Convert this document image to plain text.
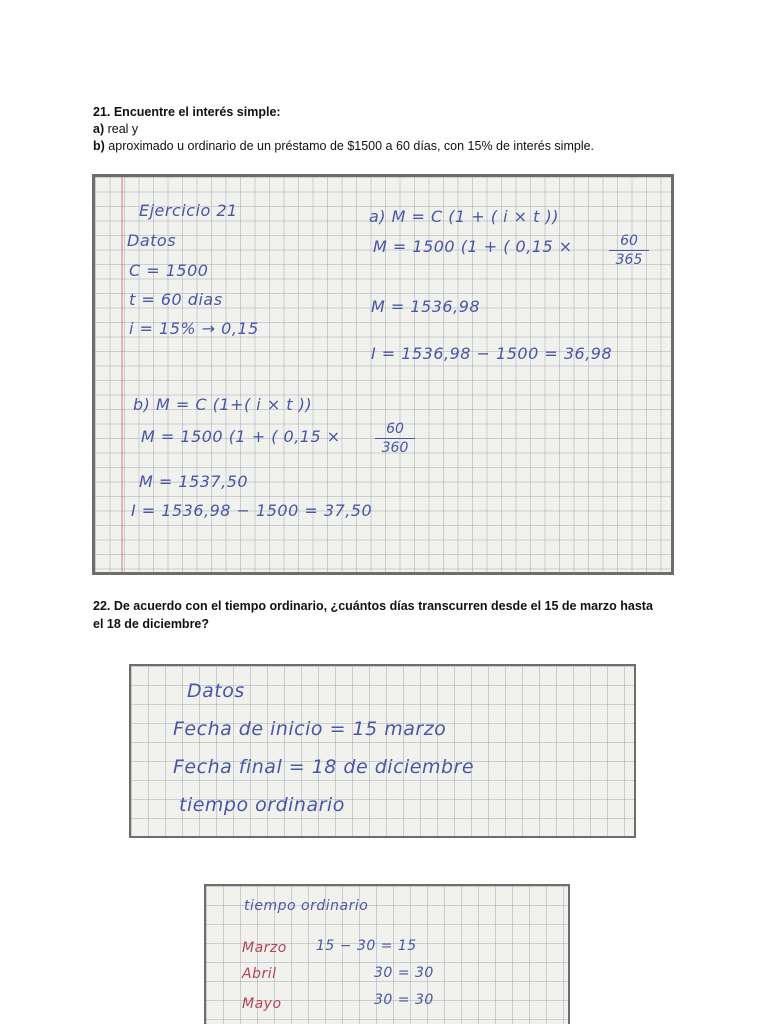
21. Encuentre el interés simple:
a) real y
b) aproximado u ordinario de un préstamo de $1500 a 60 días, con 15% de interés simple.
Ejercicio 21
Datos
C = 1500
t = 60 dias
i = 15% → 0,15
a) M = C (1 + ( i × t ))
M = 1500 (1 + ( 0,15 ×	60
365
M = 1536,98
I = 1536,98 − 1500 = 36,98
b) M = C (1+( i × t ))
M = 1500 (1 + ( 0,15 ×	60
360
M = 1537,50
I = 1536,98 − 1500 = 37,50
22. De acuerdo con el tiempo ordinario, ¿cuántos días transcurren desde el 15 de marzo hasta el 18 de diciembre?
Datos
Fecha de inicio = 15 marzo
Fecha final = 18 de diciembre
tiempo ordinario
tiempo ordinario
Marzo 15 − 30 = 15
Abril	30 = 30
Mayo	30 = 30
